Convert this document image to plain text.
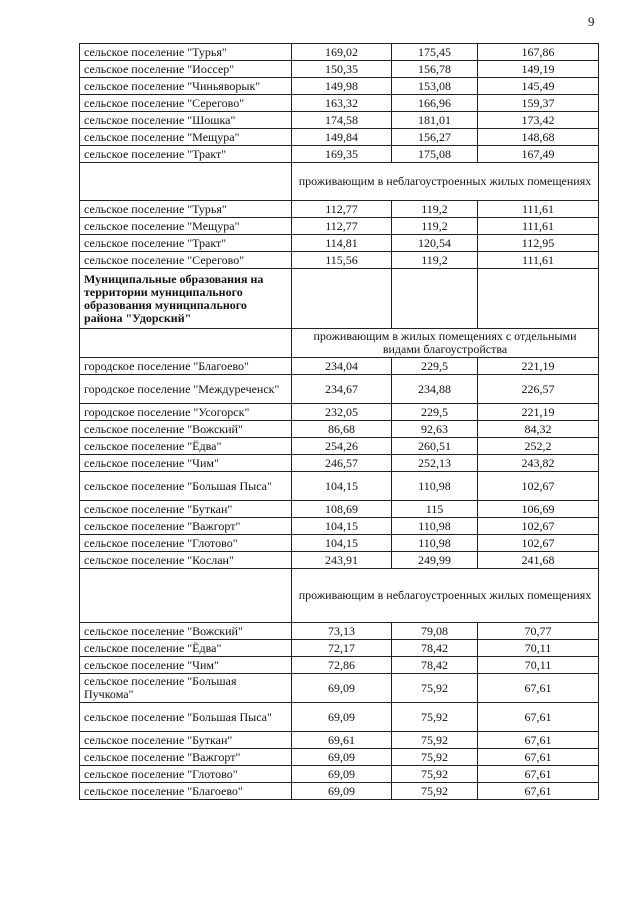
9
сельское поселение "Турья"	169,02	175,45	167,86
сельское поселение "Иоссер"	150,35	156,78	149,19
сельское поселение "Чиньяворык"	149,98	153,08	145,49
сельское поселение "Серегово"	163,32	166,96	159,37
сельское поселение "Шошка"	174,58	181,01	173,42
сельское поселение "Мещура"	149,84	156,27	148,68
сельское поселение "Тракт"	169,35	175,08	167,49
	проживающим в неблагоустроенных жилых помещениях		
сельское поселение "Турья"	112,77	119,2	111,61
сельское поселение "Мещура"	112,77	119,2	111,61
сельское поселение "Тракт"	114,81	120,54	112,95
сельское поселение "Серегово"	115,56	119,2	111,61
Муниципальные образования на территории муниципального образования муниципального района "Удорский"			
	проживающим в жилых помещениях с отдельными видами благоустройства		
городское поселение "Благоево"	234,04	229,5	221,19
городское поселение "Междуреченск"	234,67	234,88	226,57
городское поселение "Усогорск"	232,05	229,5	221,19
сельское поселение "Вожский"	86,68	92,63	84,32
сельское поселение "Ёдва"	254,26	260,51	252,2
сельское поселение "Чим"	246,57	252,13	243,82
сельское поселение "Большая Пыса"	104,15	110,98	102,67
сельское поселение "Буткан"	108,69	115	106,69
сельское поселение "Важгорт"	104,15	110,98	102,67
сельское поселение "Глотово"	104,15	110,98	102,67
сельское поселение "Кослан"	243,91	249,99	241,68
	проживающим в неблагоустроенных жилых помещениях		
сельское поселение "Вожский"	73,13	79,08	70,77
сельское поселение "Ёдва"	72,17	78,42	70,11
сельское поселение "Чим"	72,86	78,42	70,11
сельское поселение "Большая Пучкома"	69,09	75,92	67,61
сельское поселение "Большая Пыса"	69,09	75,92	67,61
сельское поселение "Буткан"	69,61	75,92	67,61
сельское поселение "Важгорт"	69,09	75,92	67,61
сельское поселение "Глотово"	69,09	75,92	67,61
сельское поселение "Благоево"	69,09	75,92	67,61
